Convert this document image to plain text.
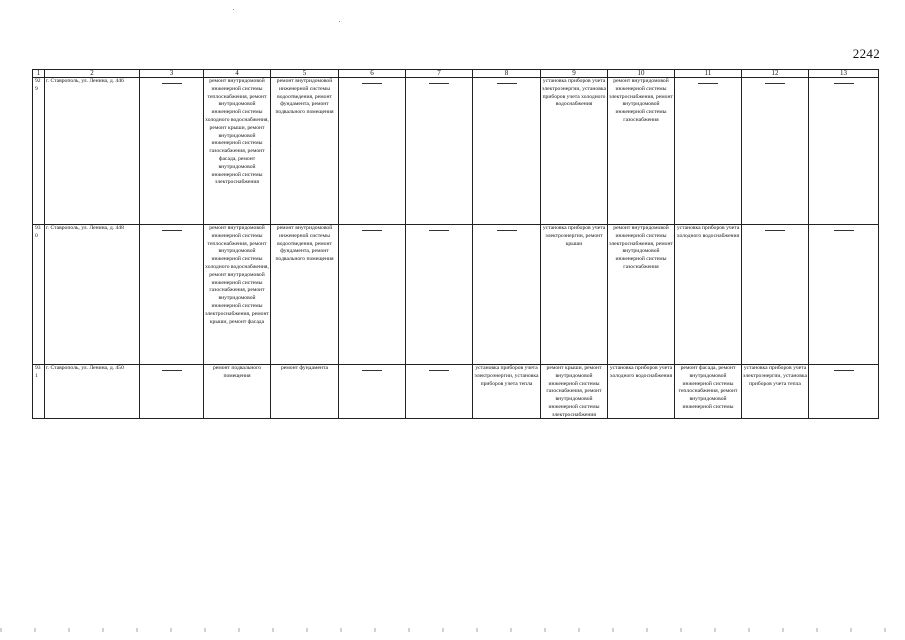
2242
1	2	3	4	5	6	7	8	9	10	11	12	13

929	г. Ставрополь, ул. Ленина, д. 446		ремонт внутридомовой инженерной системы теплоснабжения, ремонт внутридомовой инженерной системы холодного водоснабжения, ремонт крыши, ремонт внутридомовой инженерной системы газоснабжения, ремонт фасада, ремонт внутридомовой инженерной системы электроснабжения	ремонт внутридомовой инженерной системы водоотведения, ремонт фундамента, ремонт подвального помещения				установка приборов учета электроэнергии, установка приборов учета холодного водоснабжения	ремонт внутридомовой инженерной системы электроснабжения, ремонт внутридомовой инженерной системы газоснабжения			

930	г. Ставрополь, ул. Ленина, д. 448		ремонт внутридомовой инженерной системы теплоснабжения, ремонт внутридомовой инженерной системы холодного водоснабжения, ремонт внутридомовой инженерной системы газоснабжения, ремонт внутридомовой инженерной системы электроснабжения, ремонт крыши, ремонт фасада	ремонт внутридомовой инженерной системы водоотведения, ремонт фундамента, ремонт подвального помещения				установка приборов учета электроэнергии, ремонт крыши	ремонт внутридомовой инженерной системы электроснабжения, ремонт внутридомовой инженерной системы газоснабжения	установка приборов учета холодного водоснабжения		

931	г. Ставрополь, ул. Ленина, д. 450		ремонт подвального помещения	ремонт фундамента			установка приборов учета электроэнергии, установка приборов учета тепла	ремонт крыши, ремонт внутридомовой инженерной системы газоснабжения, ремонт внутридомовой инженерной системы электроснабжения	установка приборов учета холодного водоснабжения	ремонт фасада, ремонт внутридомовой инженерной системы теплоснабжения, ремонт внутридомовой инженерной системы	установка приборов учета электроэнергии, установка приборов учета тепла	
